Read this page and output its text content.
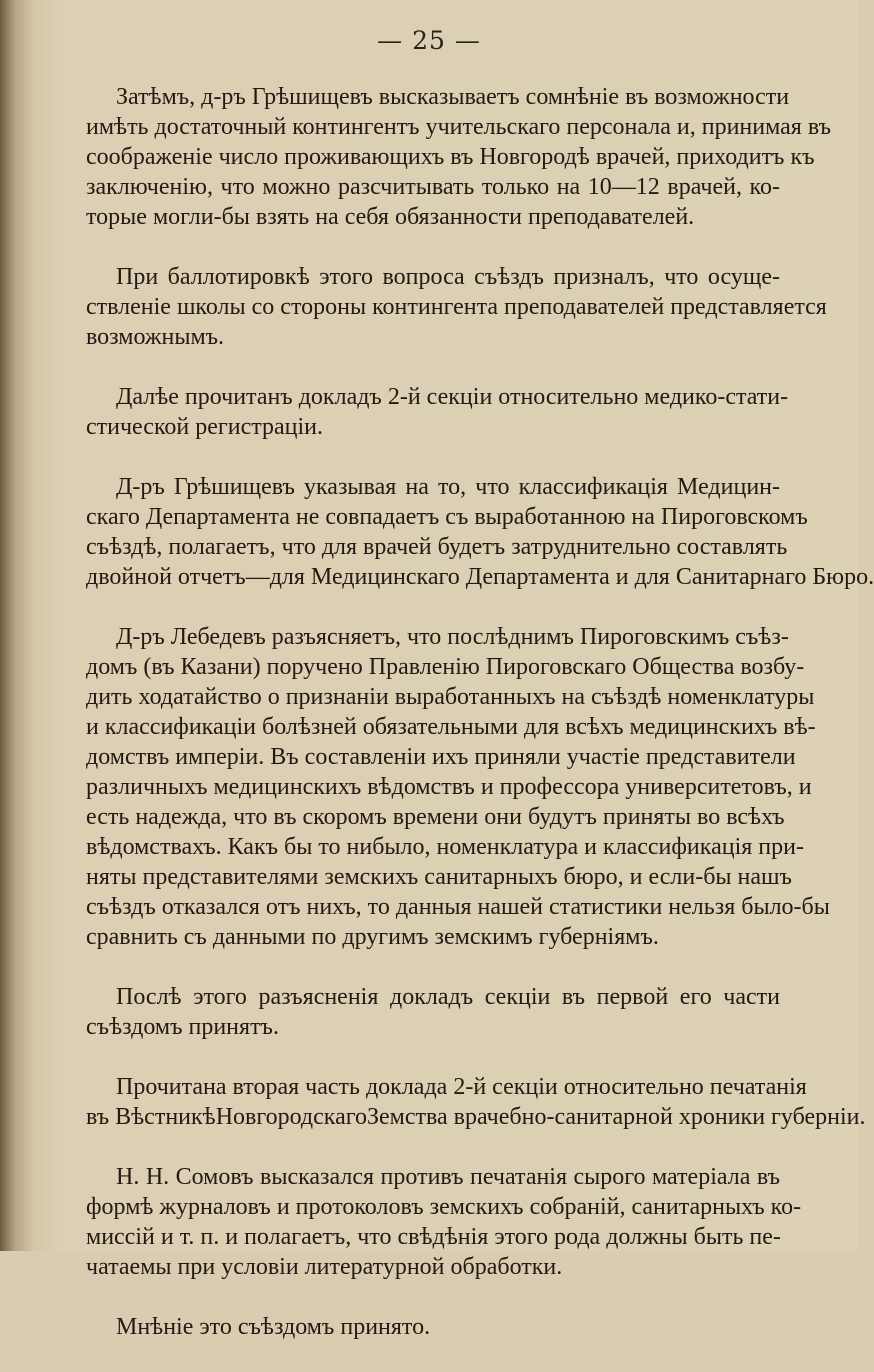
— 25 —
Затѣмъ, д-ръ Грѣшищевъ высказываетъ сомнѣніе въ возможности
имѣть достаточный контингентъ учительскаго персонала и, принимая въ
соображеніе число проживающихъ въ Новгородѣ врачей, приходитъ къ
заключенію, что можно разсчитывать только на 10—12 врачей, ко-
торые могли-бы взять на себя обязанности преподавателей.
При баллотировкѣ этого вопроса съѣздъ призналъ, что осуще-
ствленіе школы со стороны контингента преподавателей представляется
возможнымъ.
Далѣе прочитанъ докладъ 2-й секціи относительно медико-стати-
стической регистраціи.
Д-ръ Грѣшищевъ указывая на то, что классификація Медицин-
скаго Департамента не совпадаетъ съ выработанною на Пироговскомъ
съѣздѣ, полагаетъ, что для врачей будетъ затруднительно составлять
двойной отчетъ—для Медицинскаго Департамента и для Санитарнаго Бюро.
Д-ръ Лебедевъ разъясняетъ, что послѣднимъ Пироговскимъ съѣз-
домъ (въ Казани) поручено Правленію Пироговскаго Общества возбу-
дить ходатайство о признаніи выработанныхъ на съѣздѣ номенклатуры
и классификаціи болѣзней обязательными для всѣхъ медицинскихъ вѣ-
домствъ имперіи. Въ составленіи ихъ приняли участіе представители
различныхъ медицинскихъ вѣдомствъ и профессора университетовъ, и
есть надежда, что въ скоромъ времени они будутъ приняты во всѣхъ
вѣдомствахъ. Какъ бы то нибыло, номенклатура и классификація при-
няты представителями земскихъ санитарныхъ бюро, и если-бы нашъ
съѣздъ отказался отъ нихъ, то данныя нашей статистики нельзя было-бы
сравнить съ данными по другимъ земскимъ губерніямъ.
Послѣ этого разъясненія докладъ секціи въ первой его части
съѣздомъ принятъ.
Прочитана вторая часть доклада 2-й секціи относительно печатанія
въ ВѣстникѣНовгородскагоЗемства врачебно-санитарной хроники губерніи.
Н. Н. Сомовъ высказался противъ печатанія сырого матеріала въ
формѣ журналовъ и протоколовъ земскихъ собраній, санитарныхъ ко-
миссій и т. п. и полагаетъ, что свѣдѣнія этого рода должны быть пе-
чатаемы при условіи литературной обработки.
Мнѣніе это съѣздомъ принято.
